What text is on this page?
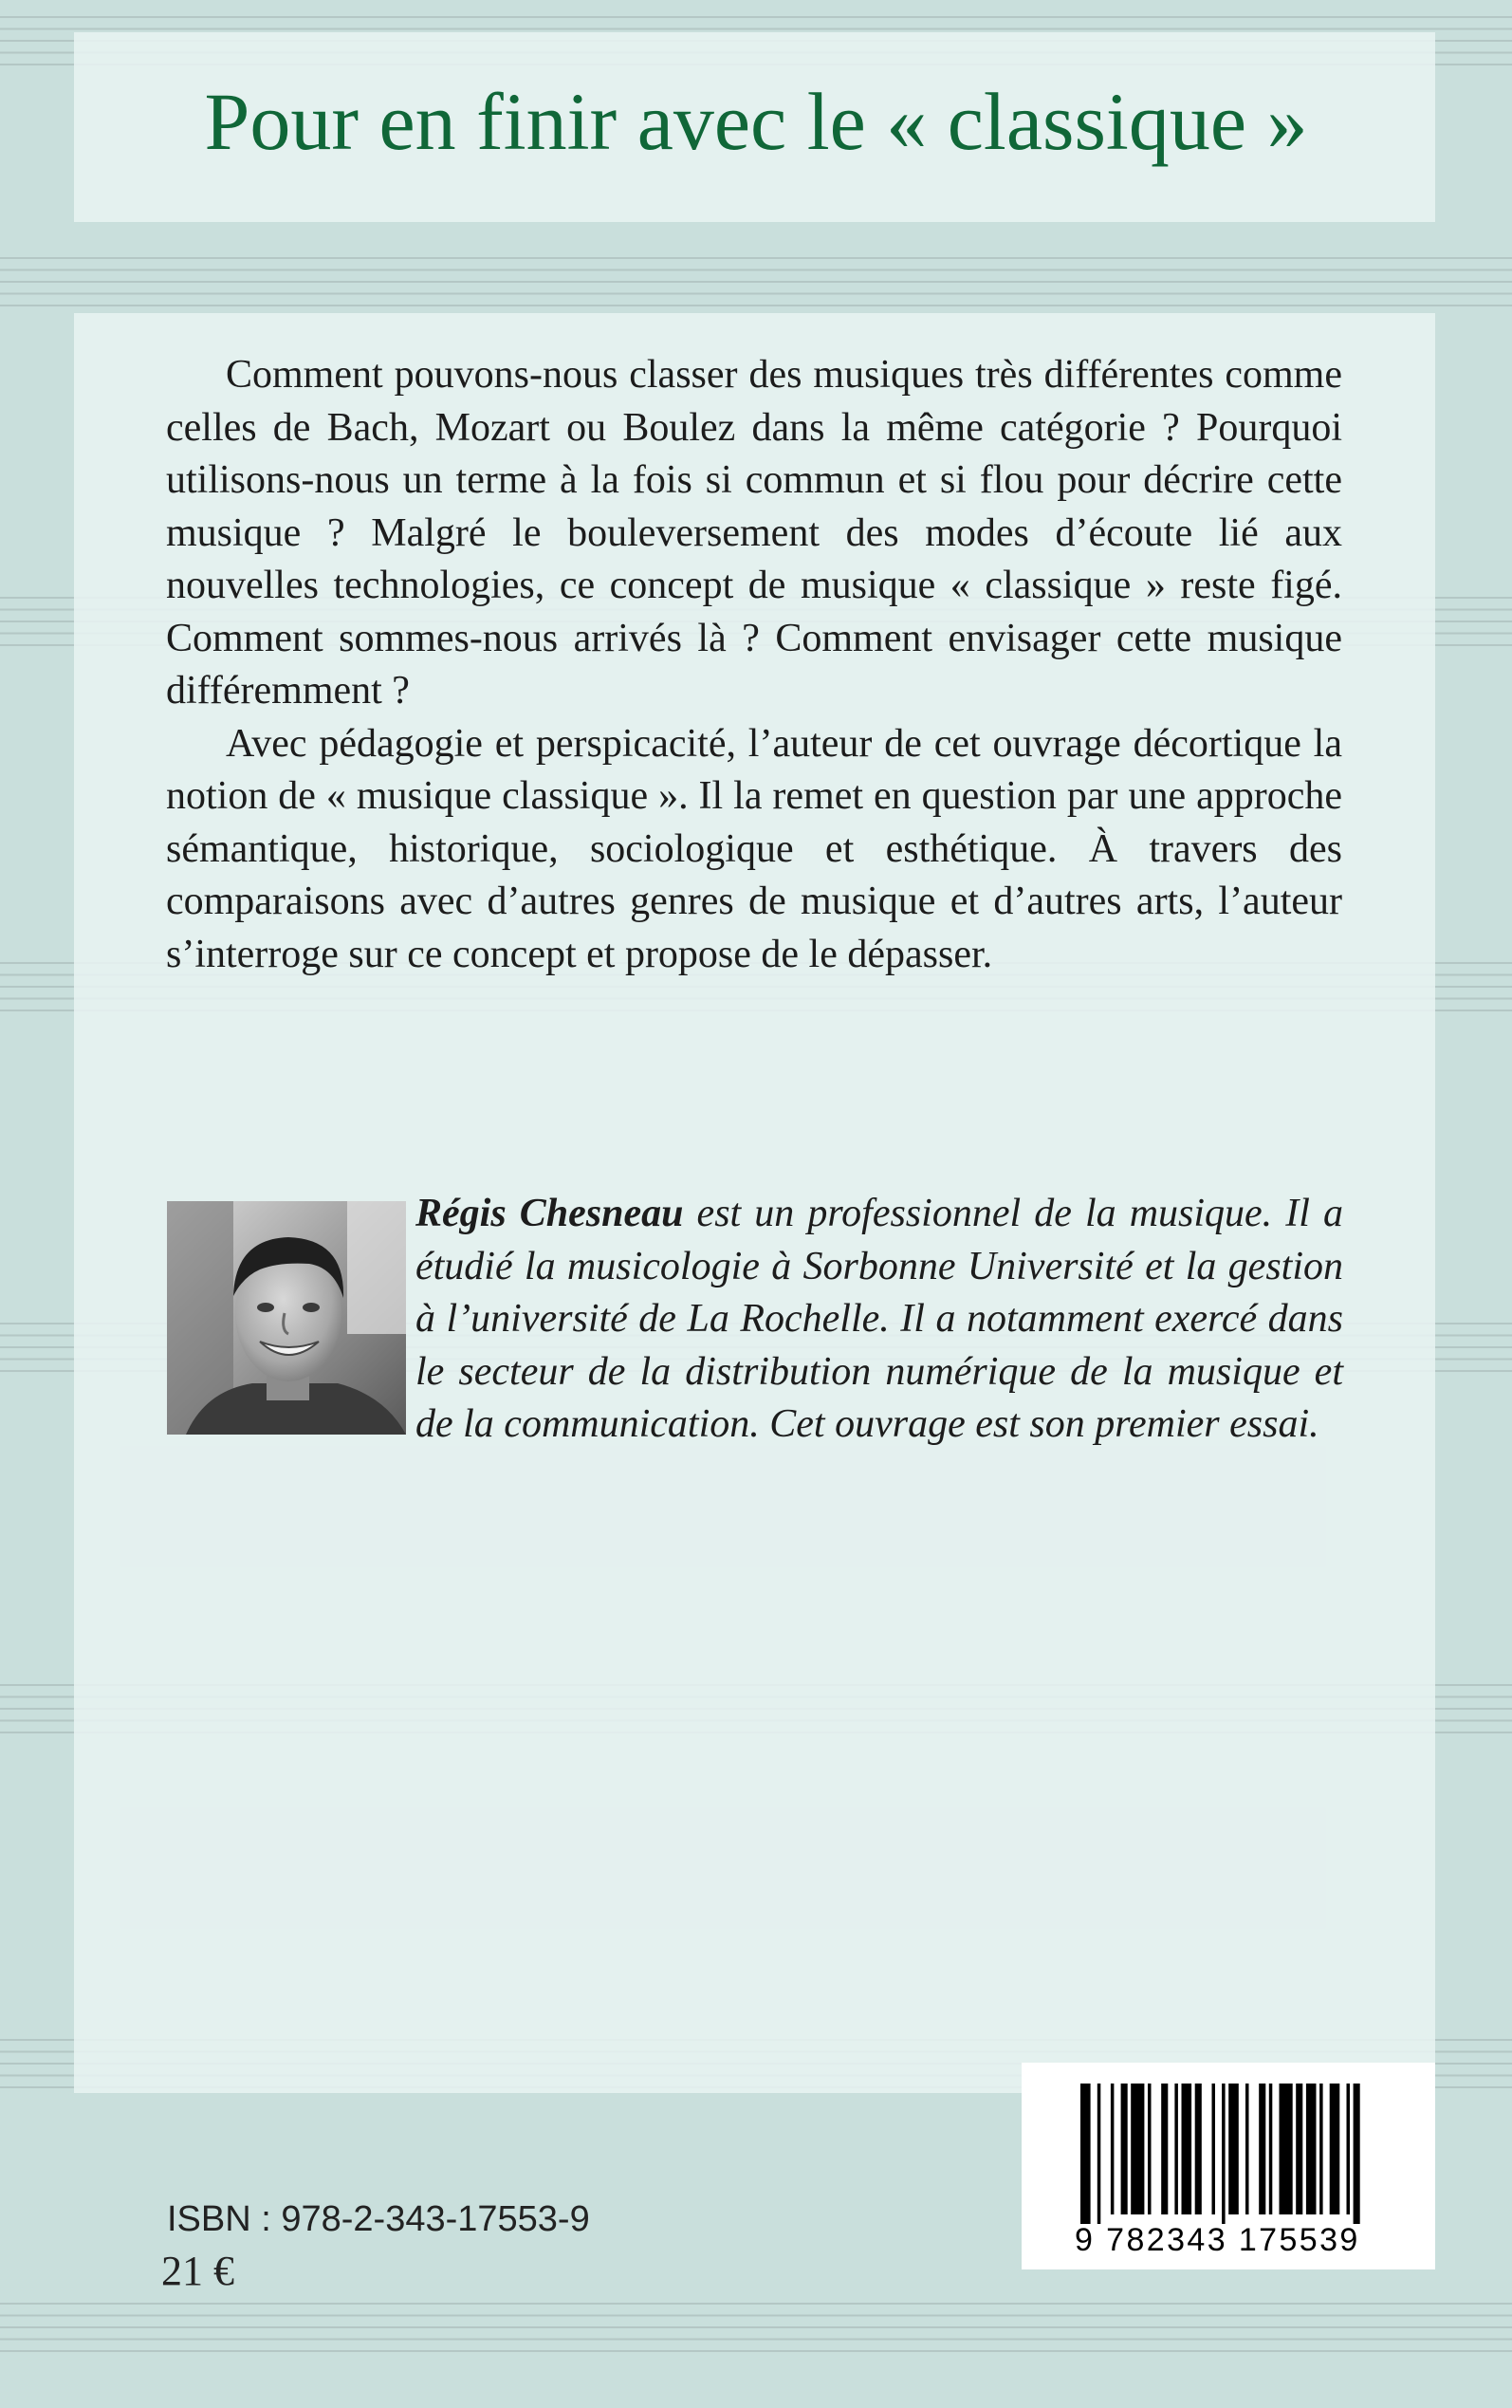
Pour en finir avec le « classique »

Comment pouvons-nous classer des musiques très différentes comme celles de Bach, Mozart ou Boulez dans la même catégorie ? Pourquoi utilisons-nous un terme à la fois si commun et si flou pour décrire cette musique ? Malgré le bouleversement des modes d’écoute lié aux nouvelles technologies, ce concept de musique « classique » reste figé. Comment sommes-nous arrivés là ? Comment envisager cette musique différemment ?

Avec pédagogie et perspicacité, l’auteur de cet ouvrage décortique la notion de « musique classique ». Il la remet en question par une approche sémantique, historique, sociologique et esthétique. À travers des comparaisons avec d’autres genres de musique et d’autres arts, l’auteur s’interroge sur ce concept et propose de le dépasser.

Régis Chesneau est un professionnel de la musique. Il a étudié la musicologie à Sorbonne Université et la gestion à l’université de La Rochelle. Il a notamment exercé dans le secteur de la distribution numérique de la musique et de la communication. Cet ouvrage est son premier essai.

ISBN : 978-2-343-17553-9
21 €
9 782343 175539
